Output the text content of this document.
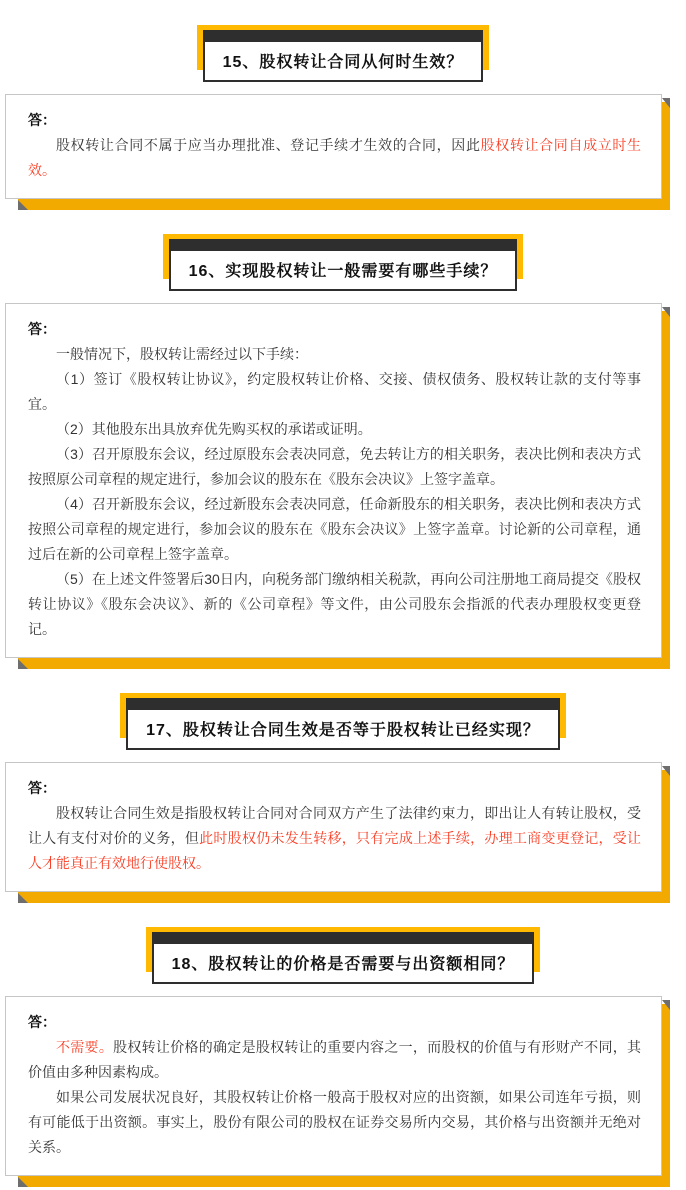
15、股权转让合同从何时生效？
答：

股权转让合同不属于应当办理批准、登记手续才生效的合同，因此股权转让合同自成立时生效。

16、实现股权转让一般需要有哪些手续？
答：

一般情况下，股权转让需经过以下手续：

（1）签订《股权转让协议》，约定股权转让价格、交接、债权债务、股权转让款的支付等事宜。

（2）其他股东出具放弃优先购买权的承诺或证明。

（3）召开原股东会议，经过原股东会表决同意，免去转让方的相关职务，表决比例和表决方式按照原公司章程的规定进行，参加会议的股东在《股东会决议》上签字盖章。

（4）召开新股东会议，经过新股东会表决同意，任命新股东的相关职务，表决比例和表决方式按照公司章程的规定进行，参加会议的股东在《股东会决议》上签字盖章。讨论新的公司章程，通过后在新的公司章程上签字盖章。

（5）在上述文件签署后30日内，向税务部门缴纳相关税款，再向公司注册地工商局提交《股权转让协议》《股东会决议》、新的《公司章程》等文件，由公司股东会指派的代表办理股权变更登记。

17、股权转让合同生效是否等于股权转让已经实现？
答：

股权转让合同生效是指股权转让合同对合同双方产生了法律约束力，即出让人有转让股权，受让人有支付对价的义务，但此时股权仍未发生转移，只有完成上述手续，办理工商变更登记，受让人才能真正有效地行使股权。

18、股权转让的价格是否需要与出资额相同？
答：

不需要。股权转让价格的确定是股权转让的重要内容之一，而股权的价值与有形财产不同，其价值由多种因素构成。

如果公司发展状况良好，其股权转让价格一般高于股权对应的出资额，如果公司连年亏损，则有可能低于出资额。事实上，股份有限公司的股权在证券交易所内交易，其价格与出资额并无绝对关系。
